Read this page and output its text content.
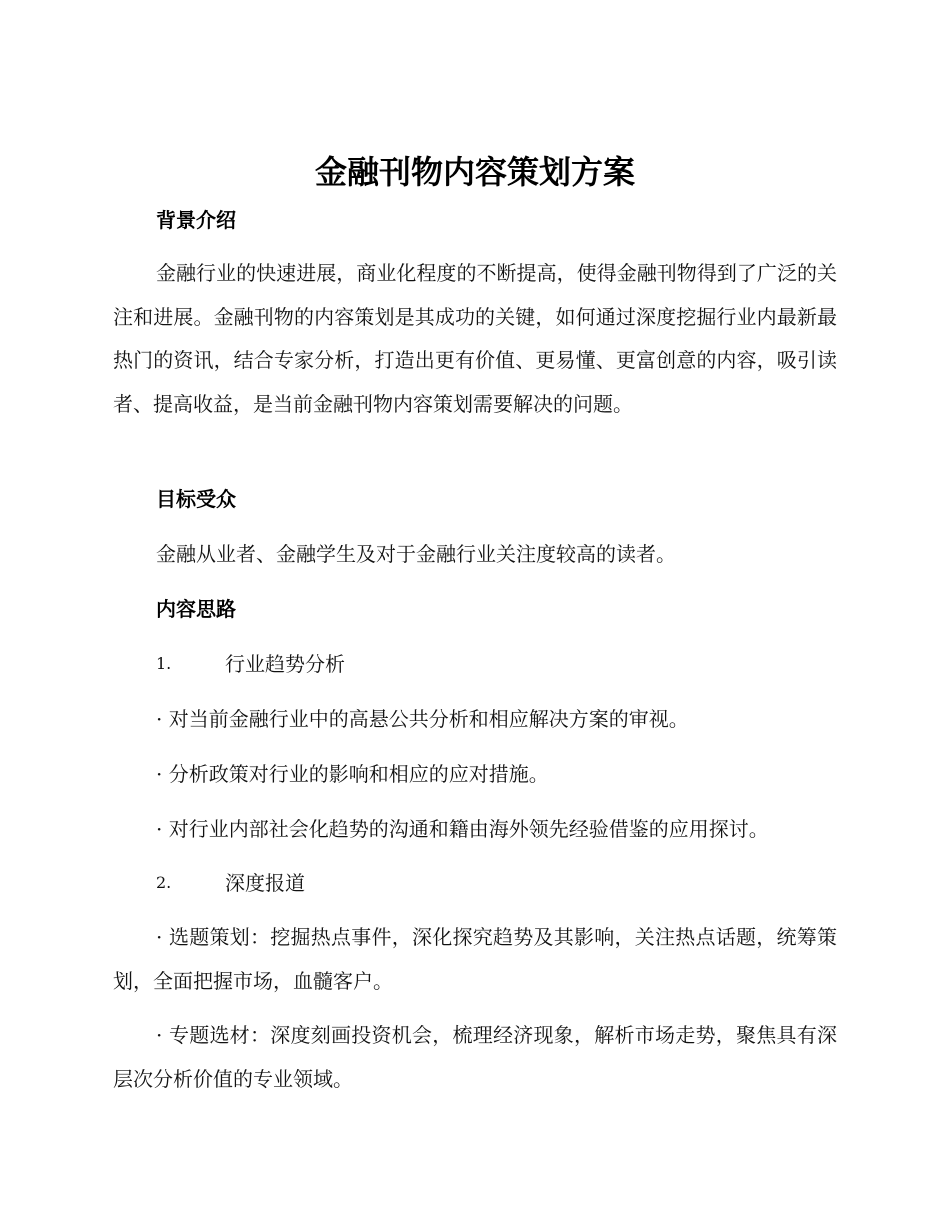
金融刊物内容策划方案
背景介绍

金融行业的快速进展，商业化程度的不断提高，使得金融刊物得到了广泛的关注和进展。金融刊物的内容策划是其成功的关键，如何通过深度挖掘行业内最新最热门的资讯，结合专家分析，打造出更有价值、更易懂、更富创意的内容，吸引读者、提高收益，是当前金融刊物内容策划需要解决的问题。

目标受众
金融从业者、金融学生及对于金融行业关注度较高的读者。
内容思路
1.	行业趋势分析
· 对当前金融行业中的高悬公共分析和相应解决方案的审视。
· 分析政策对行业的影响和相应的应对措施。
· 对行业内部社会化趋势的沟通和籍由海外领先经验借鉴的应用探讨。
2.	深度报道

· 选题策划：挖掘热点事件，深化探究趋势及其影响，关注热点话题，统筹策划，全面把握市场，血髓客户。

· 专题选材：深度刻画投资机会，梳理经济现象，解析市场走势，聚焦具有深层次分析价值的专业领域。
